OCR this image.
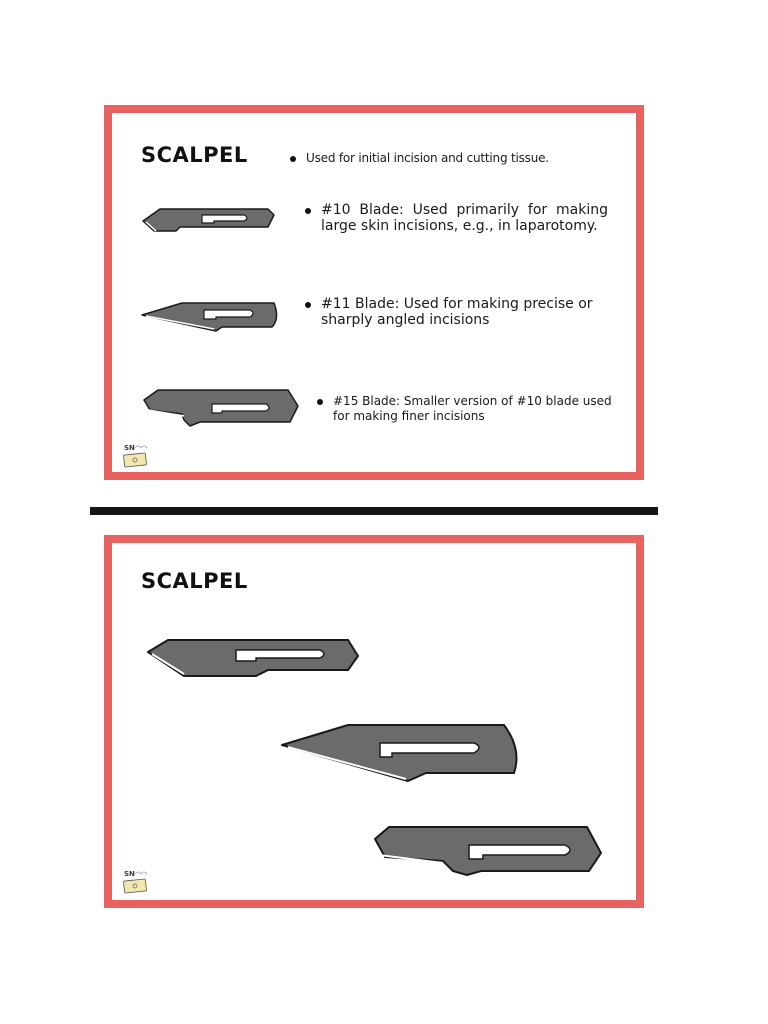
SCALPEL	Used for initial incision and cutting tissue.
#10 Blade: Used primarily for making large skin incisions, e.g., in laparotomy.
#11 Blade: Used for making precise or sharply angled incisions
#15 Blade: Smaller version of #10 blade used for making finer incisions
SN
SCALPEL
SN
